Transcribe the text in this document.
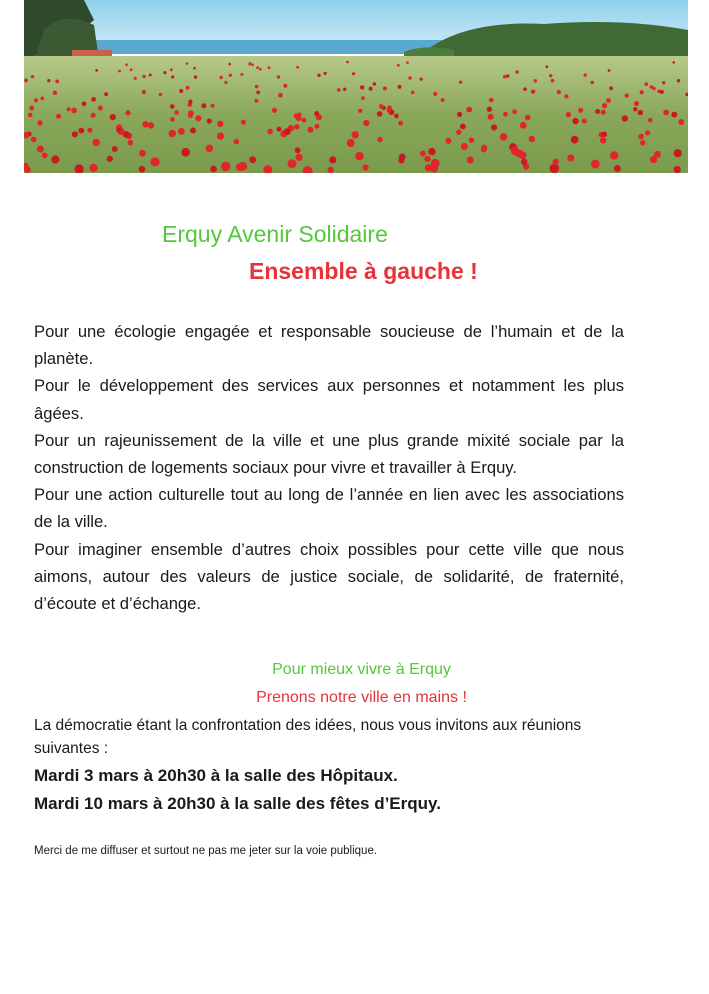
Erquy Avenir Solidaire
Ensemble à gauche !

Pour une écologie engagée et responsable soucieuse de l’humain et de la planète.

Pour le développement des services aux personnes et notamment les plus âgées.

Pour un rajeunissement de la ville et une plus grande mixité sociale par la construction de logements sociaux pour vivre et travailler à Erquy.

Pour une action culturelle tout au long de l’année en lien avec les associations de la ville.

Pour imaginer ensemble d’autres choix possibles pour cette ville que nous aimons, autour des valeurs de justice sociale, de solidarité, de fraternité, d’écoute et d’échange.

Pour mieux vivre à Erquy
Prenons notre ville en mains !

La démocratie étant la confrontation des idées, nous vous invitons aux réunions suivantes :

Mardi 3 mars à 20h30 à la salle des Hôpitaux.
Mardi 10 mars à 20h30 à la salle des fêtes d’Erquy.
Merci de me diffuser et surtout ne pas me jeter sur la voie publique.
